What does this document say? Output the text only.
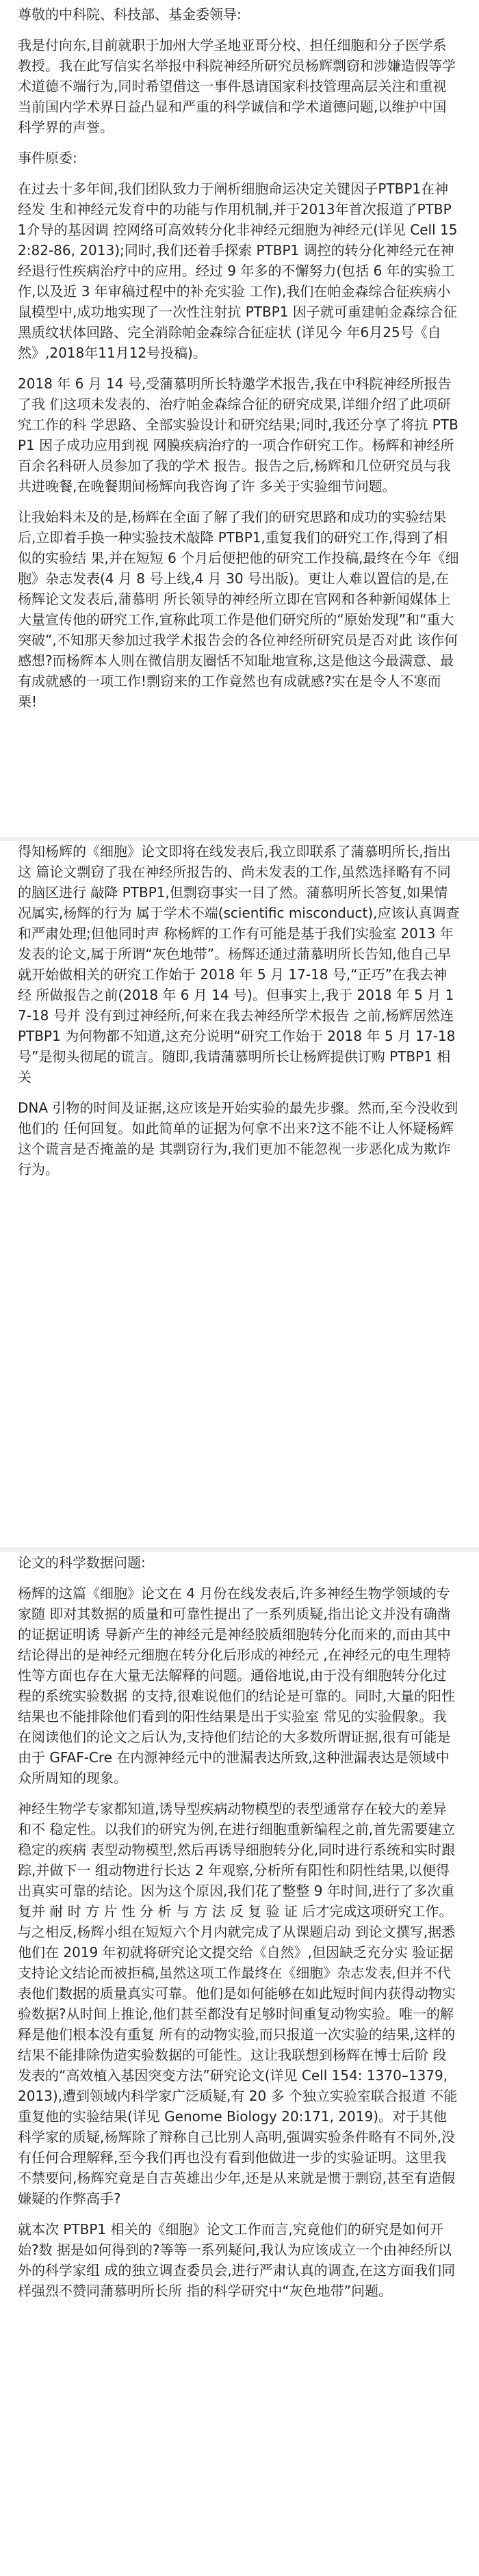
尊敬的中科院、科技部、基金委领导:

我是付向东,目前就职于加州大学圣地亚哥分校、担任细胞和分子医学系教授。我在此写信实名举报中科院神经所研究员杨辉剽窃和涉嫌造假等学术道德不端行为,同时希望借这一事件恳请国家科技管理高层关注和重视当前国内学术界日益凸显和严重的科学诚信和学术道德问题,以维护中国科学界的声誉。

事件原委:

在过去十多年间,我们团队致力于阐析细胞命运决定关键因子PTBP1在神经发 生和神经元发育中的功能与作用机制,并于2013年首次报道了PTBP1介导的基因调 控网络可高效转分化非神经元细胞为神经元(详见 Cell 152:82-86, 2013);同时,我们还着手探索 PTBP1 调控的转分化神经元在神经退行性疾病治疗中的应用。经过 9 年多的不懈努力(包括 6 年的实验工作,以及近 3 年审稿过程中的补充实验 工作),我们在帕金森综合征疾病小鼠模型中,成功地实现了一次性注射抗 PTBP1 因子就可重建帕金森综合征黑质纹状体回路、完全消除帕金森综合征症状 (详见今 年6月25号《自然》,2018年11月12号投稿)。

2018 年 6 月 14 号,受蒲慕明所长特邀学术报告,我在中科院神经所报告了我 们这项未发表的、治疗帕金森综合征的研究成果,详细介绍了此项研究工作的科 学思路、全部实验设计和研究结果;同时,我还分享了将抗 PTBP1 因子成功应用到视 网膜疾病治疗的一项合作研究工作。杨辉和神经所百余名科研人员参加了我的学术 报告。报告之后,杨辉和几位研究员与我共进晚餐,在晚餐期间杨辉向我咨询了许 多关于实验细节问题。

让我始料未及的是,杨辉在全面了解了我们的研究思路和成功的实验结果后,立即着手换一种实验技术敲降 PTBP1,重复我们的研究工作,得到了相似的实验结 果,并在短短 6 个月后便把他的研究工作投稿,最终在今年《细胞》杂志发表(4 月 8 号上线,4 月 30 号出版)。更让人难以置信的是,在杨辉论文发表后,蒲慕明 所长领导的神经所立即在官网和各种新闻媒体上大量宣传他的研究工作,宣称此项工作是他们研究所的“原始发现”和“重大突破”,不知那天参加过我学术报告会的各位神经所研究员是否对此 该作何感想?而杨辉本人则在微信朋友圈恬不知耻地宣称,这是他这今最满意、最 有成就感的一项工作!剽窃来的工作竟然也有成就感?实在是令人不寒而栗!

得知杨辉的《细胞》论文即将在线发表后,我立即联系了蒲慕明所长,指出这 篇论文剽窃了我在神经所报告的、尚未发表的工作,虽然选择略有不同的脑区进行 敲降 PTBP1,但剽窃事实一目了然。蒲慕明所长答复,如果情况属实,杨辉的行为 属于学术不端(scientific misconduct),应该认真调查和严肃处理;但他同时声 称杨辉的工作有可能是基于我们实验室 2013 年发表的论文,属于所谓“灰色地带”。杨辉还通过蒲慕明所长告知,他自己早就开始做相关的研究工作始于 2018 年 5 月 17-18 号,“正巧”在我去神经 所做报告之前(2018 年 6 月 14 号)。但事实上,我于 2018 年 5 月 17-18 号并 没有到过神经所,何来在我去神经所学术报告 之前,杨辉居然连 PTBP1 为何物都不知道,这充分说明“研究工作始于 2018 年 5 月 17-18 号”是彻头彻尾的谎言。随即,我请蒲慕明所长让杨辉提供订购 PTBP1 相关

DNA 引物的时间及证据,这应该是开始实验的最先步骤。然而,至今没收到他们的 任何回复。如此简单的证据为何拿不出来?这不能不让人怀疑杨辉这个谎言是否掩盖的是 其剽窃行为,我们更加不能忽视一步恶化成为欺诈行为。

论文的科学数据问题:

杨辉的这篇《细胞》论文在 4 月份在线发表后,许多神经生物学领域的专家随 即对其数据的质量和可靠性提出了一系列质疑,指出论文并没有确凿的证据证明诱 导新产生的神经元是神经胶质细胞转分化而来的,而由其中结论得出的是神经元细胞在转分化后形成的神经元 ,在神经元的电生理特性等方面也存在大量无法解释的问题。通俗地说,由于没有细胞转分化过程的系统实验数据 的支持,很难说他们的结论是可靠的。同时,大量的阳性结果也不能排除他们看到的阳性结果是出于实验室 常见的实验假象。我在阅读他们的论文之后认为,支持他们结论的大多数所谓证据,很有可能是由于 GFAF-Cre 在内源神经元中的泄漏表达所致,这种泄漏表达是领域中 众所周知的现象。

神经生物学专家都知道,诱导型疾病动物模型的表型通常存在较大的差异和不 稳定性。以我们的研究为例,在进行细胞重新编程之前,首先需要建立稳定的疾病 表型动物模型,然后再诱导细胞转分化,同时进行系统和实时跟踪,并做下一 组动物进行长达 2 年观察,分析所有阳性和阴性结果,以便得出真实可靠的结论。因为这个原因,我们花了整整 9 年时间,进行了多次重复并 耐 时 方 片 性 分 析 与 方 法 反 复 验 证 后才完成这项研究工作。与之相反,杨辉小组在短短六个月内就完成了从课题启动 到论文撰写,据悉他们在 2019 年初就将研究论文提交给《自然》,但因缺乏充分实 验证据支持论文结论而被拒稿,虽然这项工作最终在《细胞》杂志发表,但并不代 表他们数据的质量真实可靠。他们是如何能够在如此短时间内获得动物实验数据?从时间上推论,他们甚至都没有足够时间重复动物实验。唯一的解释是他们根本没有重复 所有的动物实验,而只报道一次实验的结果,这样的结果不能排除伪造实验数据的可能性。这让我联想到杨辉在博士后阶 段发表的“高效植入基因突变方法”研究论文(详见 Cell 154: 1370–1379, 2013),遭到领域内科学家广泛质疑,有 20 多 个独立实验室联合报道 不能重复他的实验结果(详见 Genome Biology 20:171, 2019)。对于其他科学家的质疑,杨辉除了辩称自己比别人高明,强调实验条件略有不同外,没有任何合理解释,至今我们再也没有看到他做进一步的实验证明。这里我不禁要问,杨辉究竟是自吉英雄出少年,还是从来就是惯于剽窃,甚至有造假嫌疑的作弊高手?

就本次 PTBP1 相关的《细胞》论文工作而言,究竟他们的研究是如何开始?数 据是如何得到的?等等一系列疑问,我认为应该成立一个由神经所以外的科学家组 成的独立调查委员会,进行严肃认真的调查,在这方面我们同样强烈不赞同蒲慕明所长所 指的科学研究中“灰色地带”问题。
